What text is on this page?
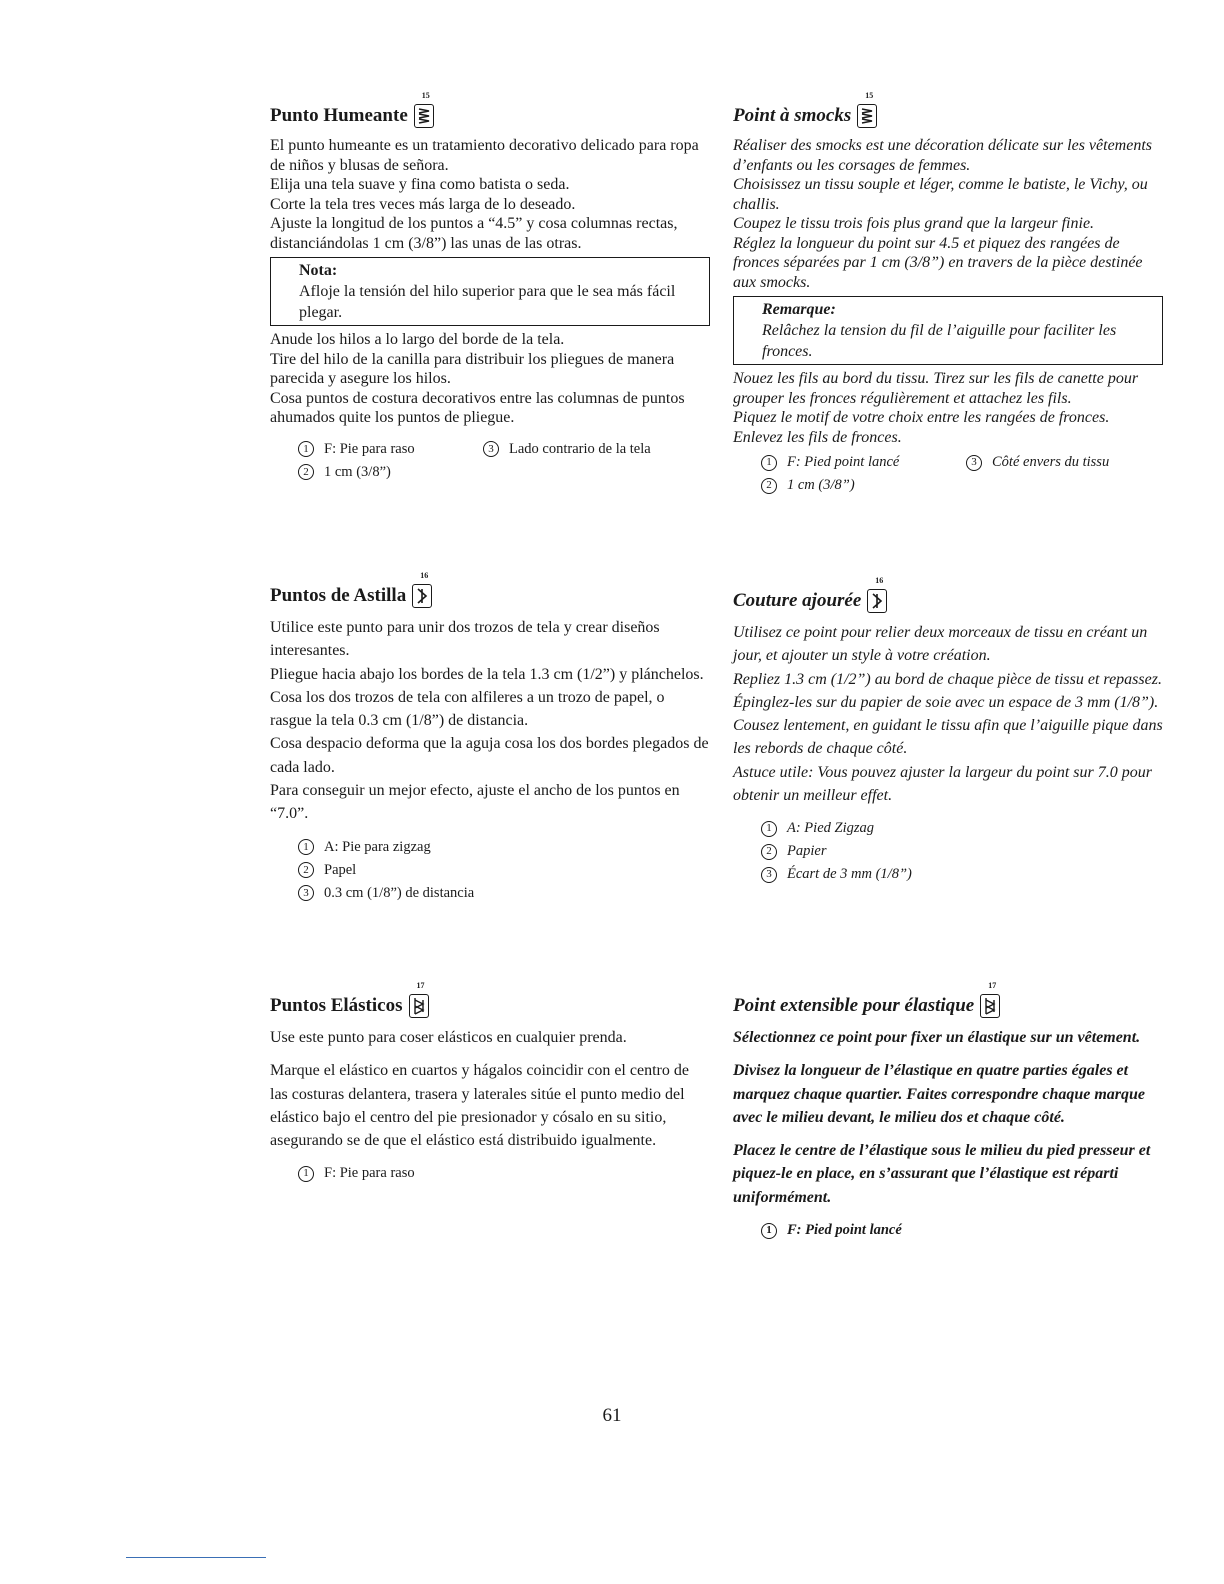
Punto Humeante
15

El punto humeante es un tratamiento decorativo delicado para ropa de niños y blusas de señora.

Elija una tela suave y fina como batista o seda.

Corte la tela tres veces más larga de lo deseado.

Ajuste la longitud de los puntos a “4.5” y cosa columnas rectas, distanciándolas 1 cm (3/8”) las unas de las otras.

Nota:
Afloje la tensión del hilo superior para que le sea más fácil plegar.

Anude los hilos a lo largo del borde de la tela.

Tire del hilo de la canilla para distribuir los pliegues de manera parecida y asegure los hilos.

Cosa puntos de costura decorativos entre las columnas de puntos ahumados quite los puntos de pliegue.

1	F: Pie para raso	3	Lado contrario de la tela
2	1 cm (3/8”)
Puntos de Astilla
16

Utilice este punto para unir dos trozos de tela y crear diseños interesantes.

Pliegue hacia abajo los bordes de la tela 1.3 cm (1/2”) y plánchelos.

Cosa los dos trozos de tela con alfileres a un trozo de papel, o rasgue la tela 0.3 cm (1/8”) de distancia.

Cosa despacio deforma que la aguja cosa los dos bordes plegados de cada lado.

Para conseguir un mejor efecto, ajuste el ancho de los puntos en “7.0”.

1	A: Pie para zigzag
2	Papel
3	0.3 cm (1/8”) de distancia
Puntos Elásticos
17

Use este punto para coser elásticos en cualquier prenda.

Marque el elástico en cuartos y hágalos coincidir con el centro de las costuras delantera, trasera y laterales sitúe el punto medio del elástico bajo el centro del pie presionador y cósalo en su sitio, asegurando se de que el elástico está distribuido igualmente.

1	F: Pie para raso
Point à smocks
15

Réaliser des smocks est une décoration délicate sur les vêtements d’enfants ou les corsages de femmes.

Choisissez un tissu souple et léger, comme le batiste, le Vichy, ou challis.

Coupez le tissu trois fois plus grand que la largeur finie.

Réglez la longueur du point sur 4.5 et piquez des rangées de fronces séparées par 1 cm (3/8”) en travers de la pièce destinée aux smocks.

Remarque:
Relâchez la tension du fil de l’aiguille pour faciliter les fronces.

Nouez les fils au bord du tissu. Tirez sur les fils de canette pour grouper les fronces régulièrement et attachez les fils.

Piquez le motif de votre choix entre les rangées de fronces.

Enlevez les fils de fronces.

1	F: Pied point lancé	3	Côté envers du tissu
2	1 cm (3/8”)
Couture ajourée
16

Utilisez ce point pour relier deux morceaux de tissu en créant un jour, et ajouter un style à votre création.

Repliez 1.3 cm (1/2”) au bord de chaque pièce de tissu et repassez.

Épinglez-les sur du papier de soie avec un espace de 3 mm (1/8”).

Cousez lentement, en guidant le tissu afin que l’aiguille pique dans les rebords de chaque côté.

Astuce utile: Vous pouvez ajuster la largeur du point sur 7.0 pour obtenir un meilleur effet.

1	A: Pied Zigzag
2	Papier
3	Écart de 3 mm (1/8”)
Point extensible pour élastique
17

Sélectionnez ce point pour fixer un élastique sur un vêtement.

Divisez la longueur de l’élastique en quatre parties égales et marquez chaque quartier. Faites correspondre chaque marque avec le milieu devant, le milieu dos et chaque côté.

Placez le centre de l’élastique sous le milieu du pied presseur et piquez-le en place, en s’assurant que l’élastique est réparti uniformément.

1	F: Pied point lancé
61
